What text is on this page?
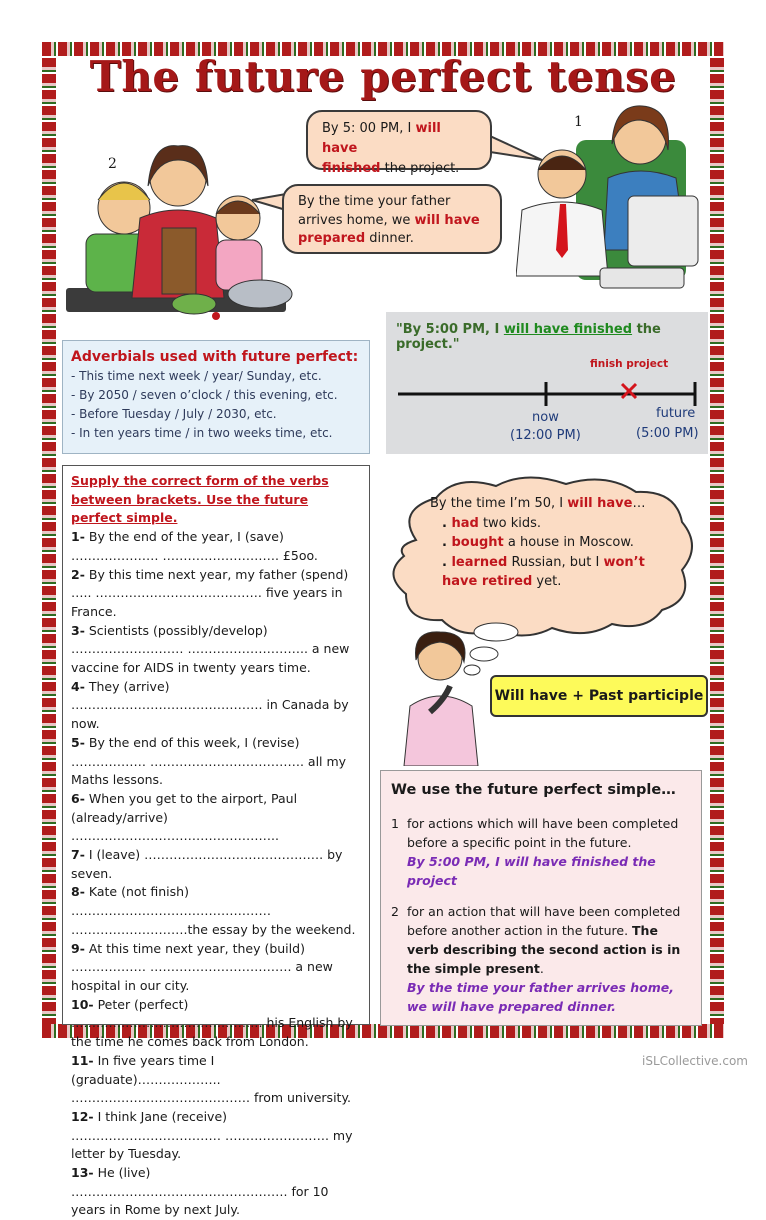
The future perfect tense
2
1
By 5: 00 PM, I will have
finished the project.
By the time your father arrives home, we will have prepared dinner.
Adverbials used with future perfect:
- This time next week / year/ Sunday, etc.
- By 2050 / seven o’clock / this evening, etc.
- Before Tuesday / July / 2030, etc.
- In ten years time / in two weeks time, etc.
"By 5:00 PM, I will have finished the project."
finish project
now
(12:00 PM)
future
(5:00 PM)
Supply the correct form of the verbs between brackets. Use the future perfect simple.
1- By the end of the year, I (save) ………………… ………………………. £5oo.
2- By this time next year, my father (spend) ….. …………………………………. five years in France.
3- Scientists (possibly/develop) ……………………… ……………………….. a new vaccine for AIDS in twenty years time.
4- They (arrive) ………………………………………. in Canada by now.
5- By the end of this week, I (revise) ……………… ………………………………. all my Maths lessons.
6- When you get to the airport, Paul (already/arrive) …………………………………………..
7- I (leave) ……………………………………. by seven.
8- Kate (not finish) ………………………………………… ……………………….the essay by the weekend.
9- At this time next year, they (build) ……………… ……………………………. a new hospital in our city.
10- Peter (perfect) ………………………………………. his English by the time he comes back from London.
11- In five years time I (graduate)……………….. ……………………………………. from university.
12- I think Jane (receive) ……………………………… ……………………. my letter by Tuesday.
13- He (live) ……………………………………………. for 10 years in Rome by next July.
By the time I’m 50, I will have…
. had two kids.
. bought a house in Moscow.
. learned Russian, but I won’t have retired yet.
Will have + Past participle
We use the future perfect simple…
1 for actions which will have been completed before a specific point in the future.
By 5:00 PM, I will have finished the project
2 for an action that will have been completed before another action in the future. The verb describing the second action is in the simple present.
By the time your father arrives home, we will have prepared dinner.
iSLCollective.com
